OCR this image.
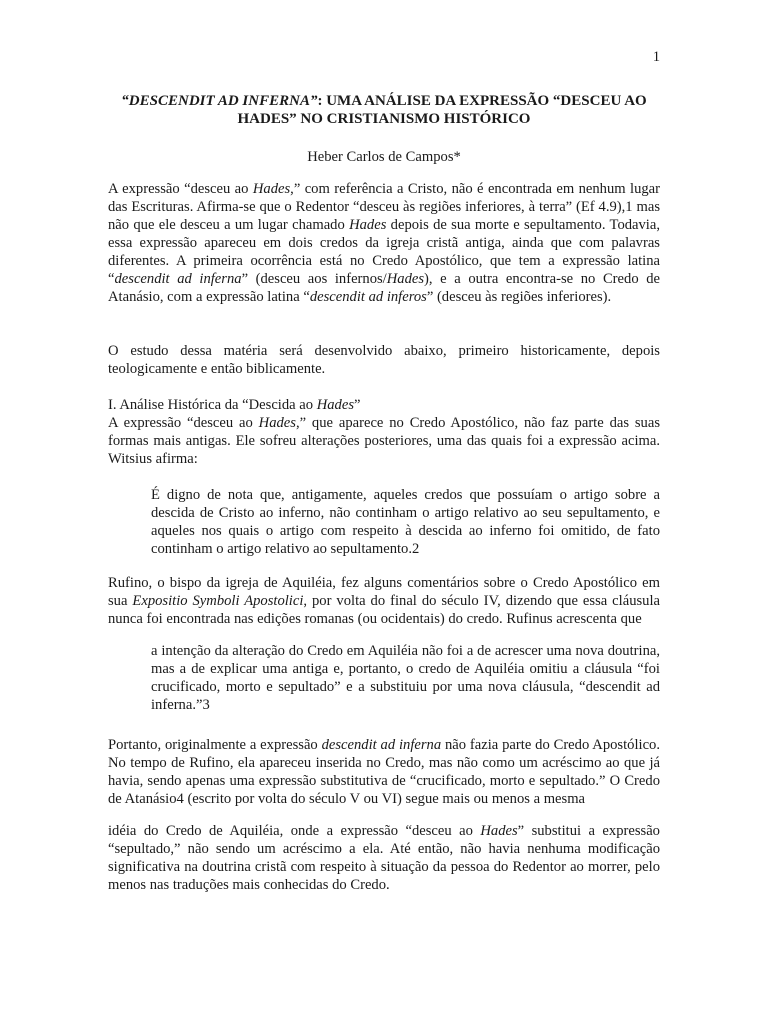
1
“DESCENDIT AD INFERNA”: UMA ANÁLISE DA EXPRESSÃO “DESCEU AO
HADES” NO CRISTIANISMO HISTÓRICO
Heber Carlos de Campos*

A expressão “desceu ao Hades,” com referência a Cristo, não é encontrada em nenhum lugar das Escrituras. Afirma-se que o Redentor “desceu às regiões inferiores, à terra” (Ef 4.9),1 mas não que ele desceu a um lugar chamado Hades depois de sua morte e sepultamento. Todavia, essa expressão apareceu em dois credos da igreja cristã antiga, ainda que com palavras diferentes. A primeira ocorrência está no Credo Apostólico, que tem a expressão latina “descendit ad inferna” (desceu aos infernos/Hades), e a outra encontra-se no Credo de Atanásio, com a expressão latina “descendit ad inferos” (desceu às regiões inferiores).

O estudo dessa matéria será desenvolvido abaixo, primeiro historicamente, depois teologicamente e então biblicamente.

I. Análise Histórica da “Descida ao Hades”

A expressão “desceu ao Hades,” que aparece no Credo Apostólico, não faz parte das suas formas mais antigas. Ele sofreu alterações posteriores, uma das quais foi a expressão acima. Witsius afirma:

É digno de nota que, antigamente, aqueles credos que possuíam o artigo sobre a descida de Cristo ao inferno, não continham o artigo relativo ao seu sepultamento, e aqueles nos quais o artigo com respeito à descida ao inferno foi omitido, de fato continham o artigo relativo ao sepultamento.2

Rufino, o bispo da igreja de Aquiléia, fez alguns comentários sobre o Credo Apostólico em sua Expositio Symboli Apostolici, por volta do final do século IV, dizendo que essa cláusula nunca foi encontrada nas edições romanas (ou ocidentais) do credo. Rufinus acrescenta que

a intenção da alteração do Credo em Aquiléia não foi a de acrescer uma nova doutrina, mas a de explicar uma antiga e, portanto, o credo de Aquiléia omitiu a cláusula “foi crucificado, morto e sepultado” e a substituiu por uma nova cláusula, “descendit ad inferna.”3

Portanto, originalmente a expressão descendit ad inferna não fazia parte do Credo Apostólico. No tempo de Rufino, ela apareceu inserida no Credo, mas não como um acréscimo ao que já havia, sendo apenas uma expressão substitutiva de “crucificado, morto e sepultado.” O Credo de Atanásio4 (escrito por volta do século V ou VI) segue mais ou menos a mesma

idéia do Credo de Aquiléia, onde a expressão “desceu ao Hades” substitui a expressão “sepultado,” não sendo um acréscimo a ela. Até então, não havia nenhuma modificação significativa na doutrina cristã com respeito à situação da pessoa do Redentor ao morrer, pelo menos nas traduções mais conhecidas do Credo.
